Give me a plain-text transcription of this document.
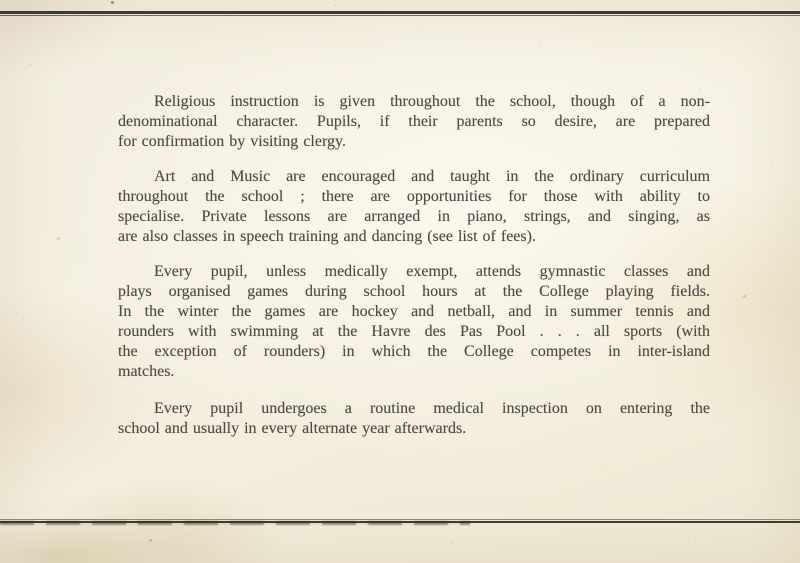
Religious instruction is given throughout the school, though of a non-
denominational character. Pupils, if their parents so desire, are prepared
for confirmation by visiting clergy.

Art and Music are encouraged and taught in the ordinary curriculum
throughout the school ; there are opportunities for those with ability to
specialise. Private lessons are arranged in piano, strings, and singing, as
are also classes in speech training and dancing (see list of fees).

Every pupil, unless medically exempt, attends gymnastic classes and
plays organised games during school hours at the College playing fields.
In the winter the games are hockey and netball, and in summer tennis and
rounders with swimming at the Havre des Pas Pool . . . all sports (with
the exception of rounders) in which the College competes in inter-island
matches.

Every pupil undergoes a routine medical inspection on entering the
school and usually in every alternate year afterwards.
